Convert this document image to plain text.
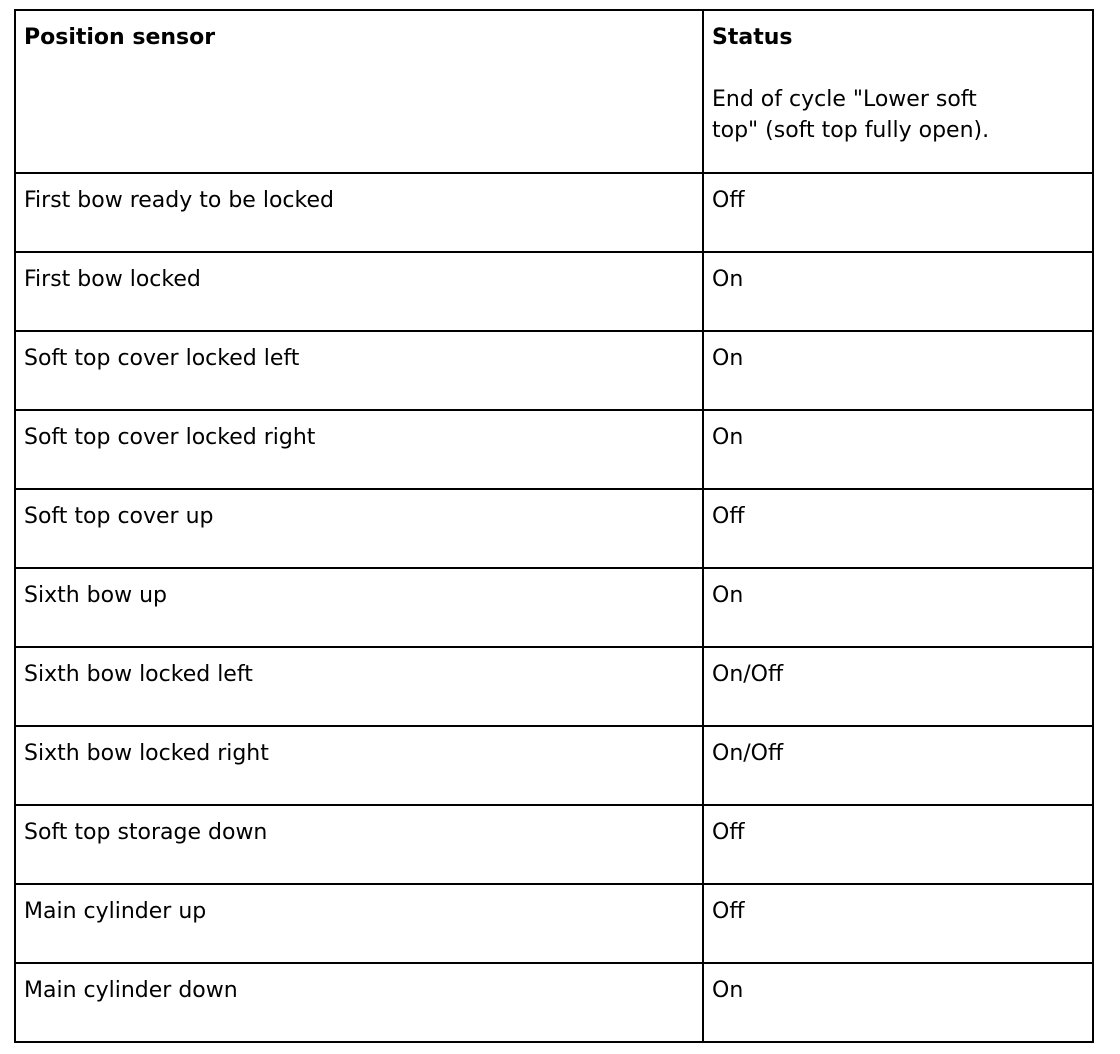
Position sensor	Status
End of cycle "Lower soft top" (soft top fully open).

First bow ready to be locked	Off
First bow locked	On
Soft top cover locked left	On
Soft top cover locked right	On
Soft top cover up	Off
Sixth bow up	On
Sixth bow locked left	On/Off
Sixth bow locked right	On/Off
Soft top storage down	Off
Main cylinder up	Off
Main cylinder down	On
